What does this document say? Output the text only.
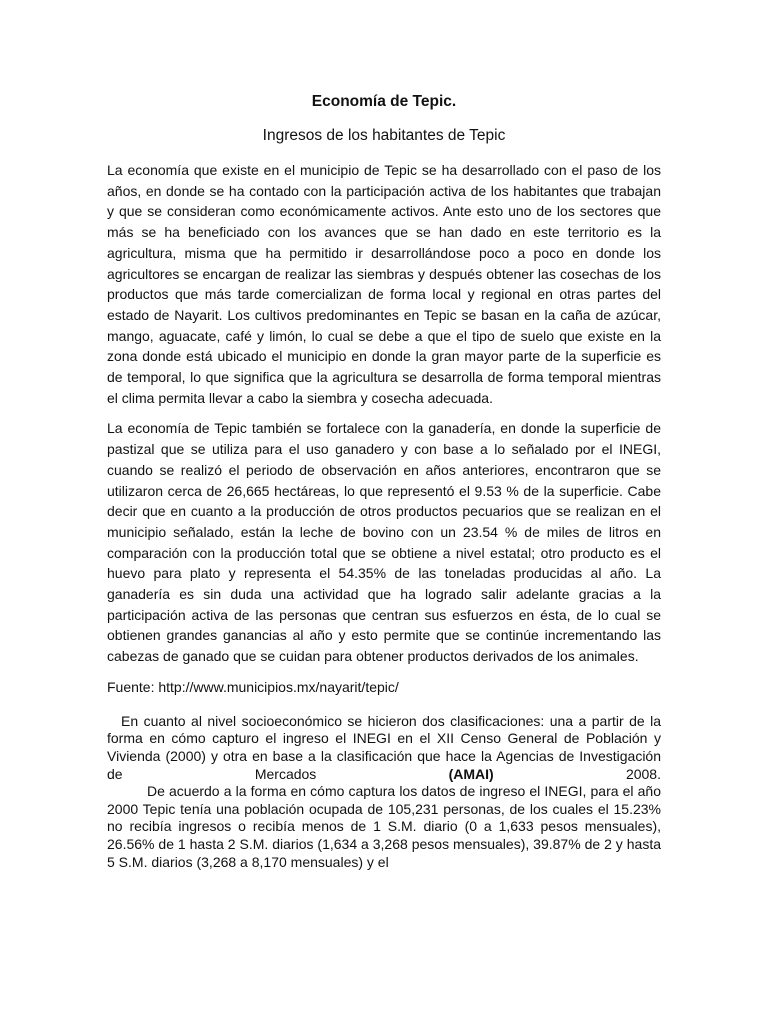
Economía de Tepic.
Ingresos de los habitantes de Tepic

La economía que existe en el municipio de Tepic se ha desarrollado con el paso de los años, en donde se ha contado con la participación activa de los habitantes que trabajan y que se consideran como económicamente activos. Ante esto uno de los sectores que más se ha beneficiado con los avances que se han dado en este territorio es la agricultura, misma que ha permitido ir desarrollándose poco a poco en donde los agricultores se encargan de realizar las siembras y después obtener las cosechas de los productos que más tarde comercializan de forma local y regional en otras partes del estado de Nayarit. Los cultivos predominantes en Tepic se basan en la caña de azúcar, mango, aguacate, café y limón, lo cual se debe a que el tipo de suelo que existe en la zona donde está ubicado el municipio en donde la gran mayor parte de la superficie es de temporal, lo que significa que la agricultura se desarrolla de forma temporal mientras el clima permita llevar a cabo la siembra y cosecha adecuada.

La economía de Tepic también se fortalece con la ganadería, en donde la superficie de pastizal que se utiliza para el uso ganadero y con base a lo señalado por el INEGI, cuando se realizó el periodo de observación en años anteriores, encontraron que se utilizaron cerca de 26,665 hectáreas, lo que representó el 9.53 % de la superficie. Cabe decir que en cuanto a la producción de otros productos pecuarios que se realizan en el municipio señalado, están la leche de bovino con un 23.54 % de miles de litros en comparación con la producción total que se obtiene a nivel estatal; otro producto es el huevo para plato y representa el 54.35% de las toneladas producidas al año. La ganadería es sin duda una actividad que ha logrado salir adelante gracias a la participación activa de las personas que centran sus esfuerzos en ésta, de lo cual se obtienen grandes ganancias al año y esto permite que se continúe incrementando las cabezas de ganado que se cuidan para obtener productos derivados de los animales.

Fuente: http://www.municipios.mx/nayarit/tepic/

En cuanto al nivel socioeconómico se hicieron dos clasificaciones: una a partir de la forma en cómo capturo el ingreso el INEGI en el XII Censo General de Población y Vivienda (2000) y otra en base a la clasificación que hace la Agencias de Investigación de Mercados	(AMAI)	2008.

De acuerdo a la forma en cómo captura los datos de ingreso el INEGI, para el año 2000 Tepic tenía una población ocupada de 105,231 personas, de los cuales el 15.23% no recibía ingresos o recibía menos de 1 S.M. diario (0 a 1,633 pesos mensuales), 26.56% de 1 hasta 2 S.M. diarios (1,634 a 3,268 pesos mensuales), 39.87% de 2 y hasta 5 S.M. diarios (3,268 a 8,170 mensuales) y el
